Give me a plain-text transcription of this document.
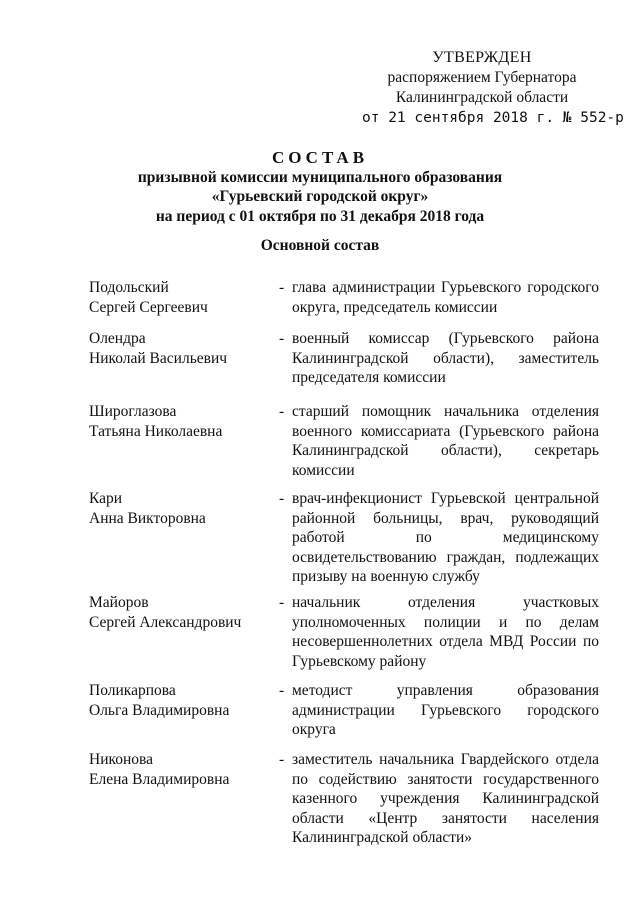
УТВЕРЖДЕН
распоряжением Губернатора
Калининградской области
от 21 сентября 2018 г. № 552-р
СОСТАВ
призывной комиссии муниципального образования
«Гурьевский городской округ»
на период с 01 октября по 31 декабря 2018 года
Основной состав
Подольский
Сергей Сергеевич
- глава администрации Гурьевского городского округа, председатель комиссии
Олендра
Николай Васильевич
- военный комиссар (Гурьевского района Калининградской области), заместитель председателя комиссии
Широглазова
Татьяна Николаевна
- старший помощник начальника отделения военного комиссариата (Гурьевского района Калининградской области), секретарь комиссии
Кари
Анна Викторовна
- врач-инфекционист Гурьевской центральной районной больницы, врач, руководящий работой по медицинскому освидетельствованию граждан, подлежащих призыву на военную службу
Майоров
Сергей Александрович
- начальник отделения участковых уполномоченных полиции и по делам несовершеннолетних отдела МВД России по Гурьевскому району
Поликарпова
Ольга Владимировна
- методист управления образования администрации Гурьевского городского округа
Никонова
Елена Владимировна
- заместитель начальника Гвардейского отдела по содействию занятости государственного казенного учреждения Калининградской области «Центр занятости населения Калининградской области»
